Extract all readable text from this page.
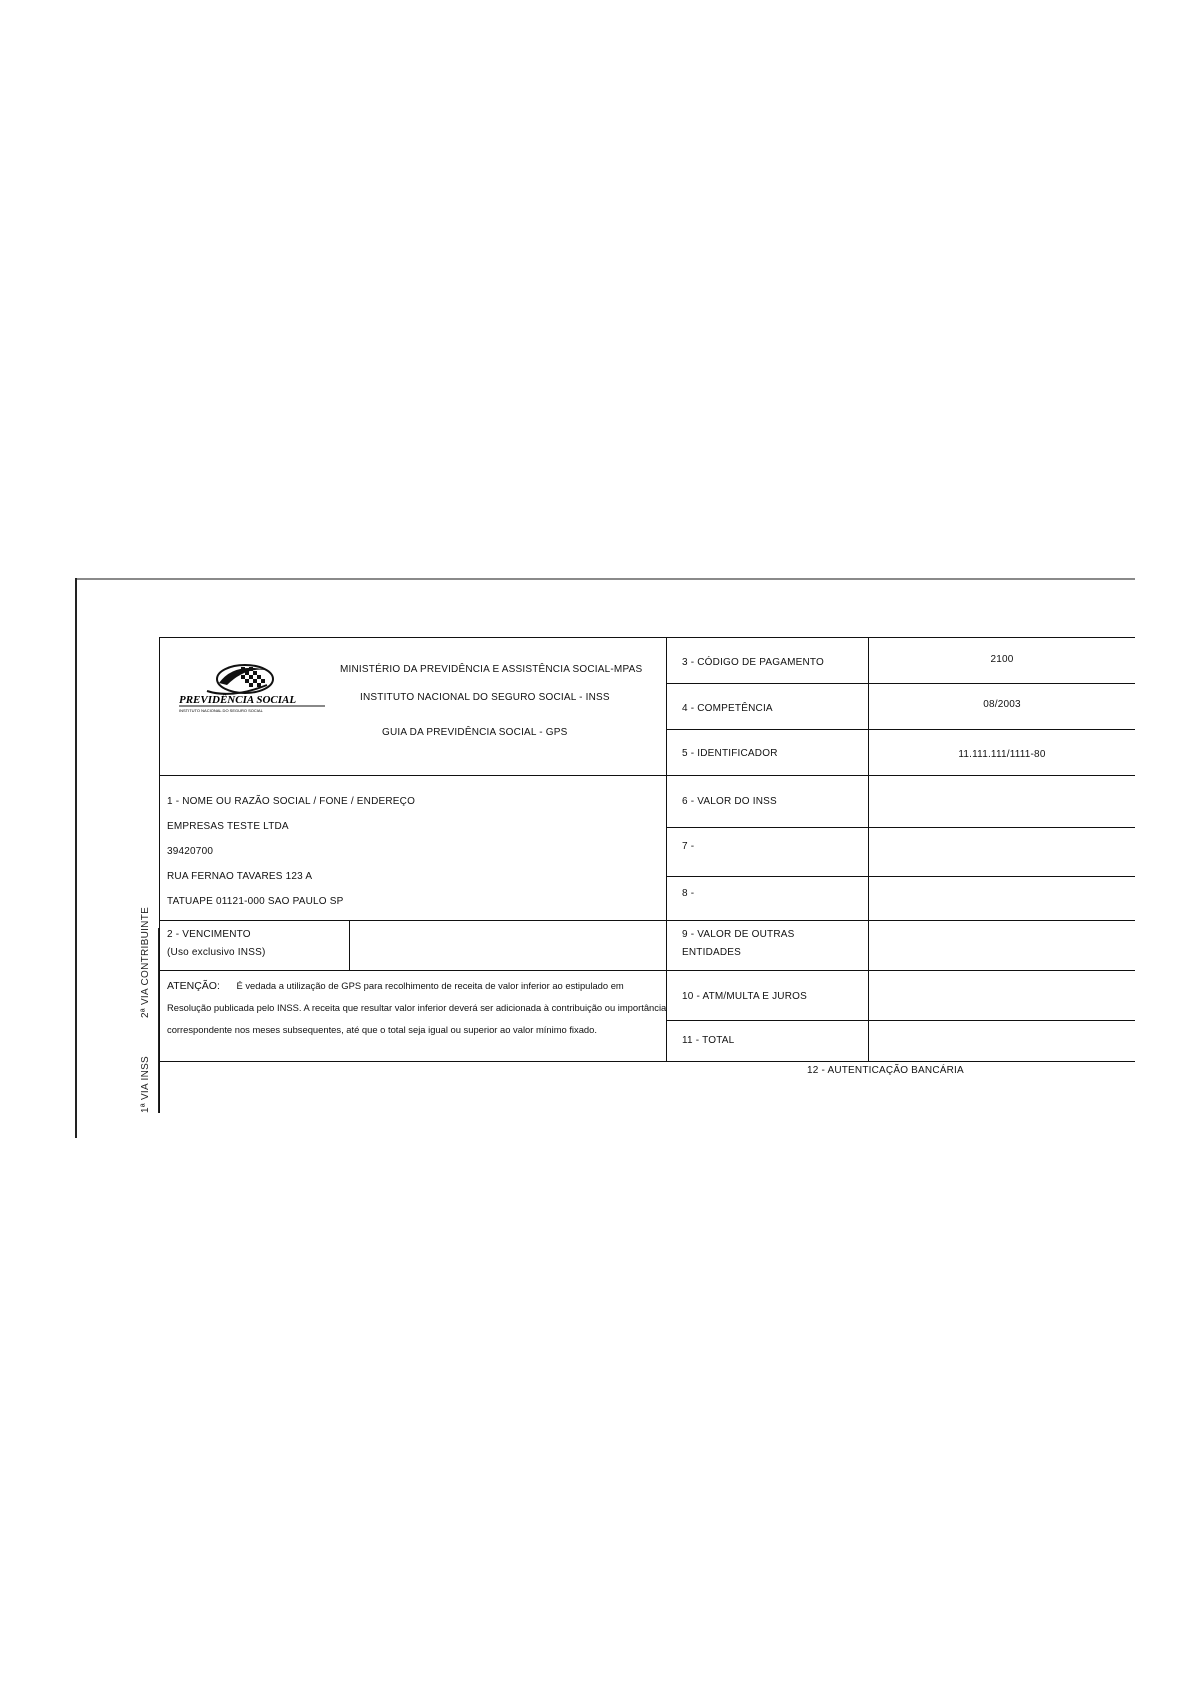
1ª VIA INSS
2ª VIA CONTRIBUINTE
PREVIDÊNCIA SOCIAL
INSTITUTO NACIONAL DO SEGURO SOCIAL
MINISTÉRIO DA PREVIDÊNCIA E ASSISTÊNCIA SOCIAL-MPAS
INSTITUTO NACIONAL DO SEGURO SOCIAL - INSS
GUIA DA PREVIDÊNCIA SOCIAL - GPS
3 - CÓDIGO DE PAGAMENTO
4 - COMPETÊNCIA
5 - IDENTIFICADOR
6 - VALOR DO INSS
7 -
8 -
9 - VALOR DE OUTRAS
ENTIDADES
10 - ATM/MULTA E JUROS
11 - TOTAL
12 - AUTENTICAÇÃO BANCÁRIA
2100
08/2003
11.111.111/1111-80
1 - NOME OU RAZÃO SOCIAL / FONE / ENDEREÇO
EMPRESAS TESTE LTDA
39420700
RUA FERNAO TAVARES 123 A
TATUAPE 01121-000 SAO PAULO SP
2 - VENCIMENTO
(Uso exclusivo INSS)
ATENÇÃO: É vedada a utilização de GPS para recolhimento de receita de valor inferior ao estipulado em Resolução publicada pelo INSS. A receita que resultar valor inferior deverá ser adicionada à contribuição ou importância correspondente nos meses subsequentes, até que o total seja igual ou superior ao valor mínimo fixado.
